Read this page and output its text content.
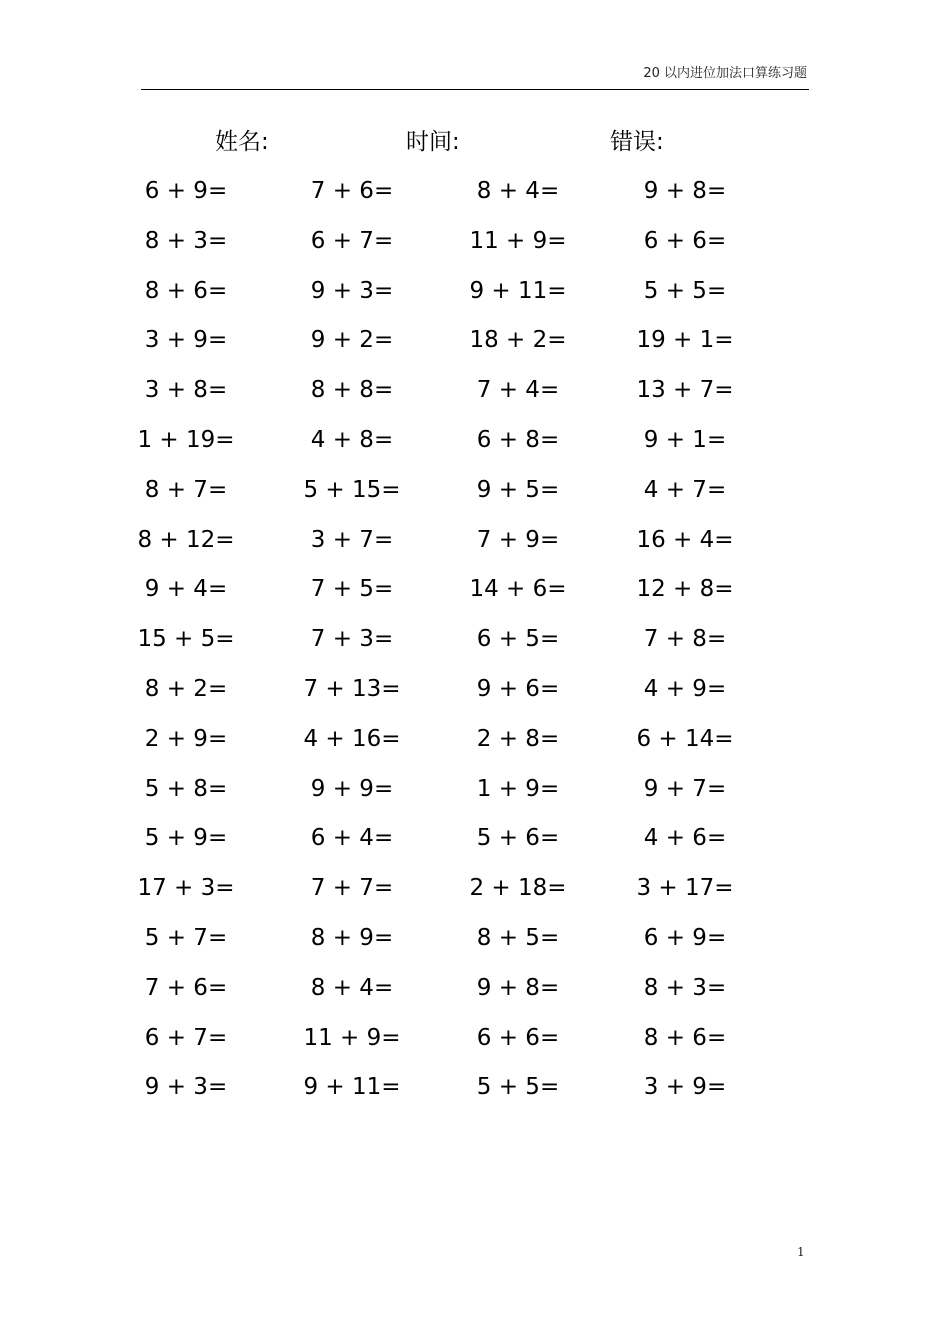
20 以内进位加法口算练习题
姓名:	时间:	错误:
6 + 9=	7 + 6=	8 + 4=	9 + 8=
8 + 3=	6 + 7=	11 + 9=	6 + 6=
8 + 6=	9 + 3=	9 + 11=	5 + 5=
3 + 9=	9 + 2=	18 + 2=	19 + 1=
3 + 8=	8 + 8=	7 + 4=	13 + 7=
1 + 19=	4 + 8=	6 + 8=	9 + 1=
8 + 7=	5 + 15=	9 + 5=	4 + 7=
8 + 12=	3 + 7=	7 + 9=	16 + 4=
9 + 4=	7 + 5=	14 + 6=	12 + 8=
15 + 5=	7 + 3=	6 + 5=	7 + 8=
8 + 2=	7 + 13=	9 + 6=	4 + 9=
2 + 9=	4 + 16=	2 + 8=	6 + 14=
5 + 8=	9 + 9=	1 + 9=	9 + 7=
5 + 9=	6 + 4=	5 + 6=	4 + 6=
17 + 3=	7 + 7=	2 + 18=	3 + 17=
5 + 7=	8 + 9=	8 + 5=	6 + 9=
7 + 6=	8 + 4=	9 + 8=	8 + 3=
6 + 7=	11 + 9=	6 + 6=	8 + 6=
9 + 3=	9 + 11=	5 + 5=	3 + 9=
1
